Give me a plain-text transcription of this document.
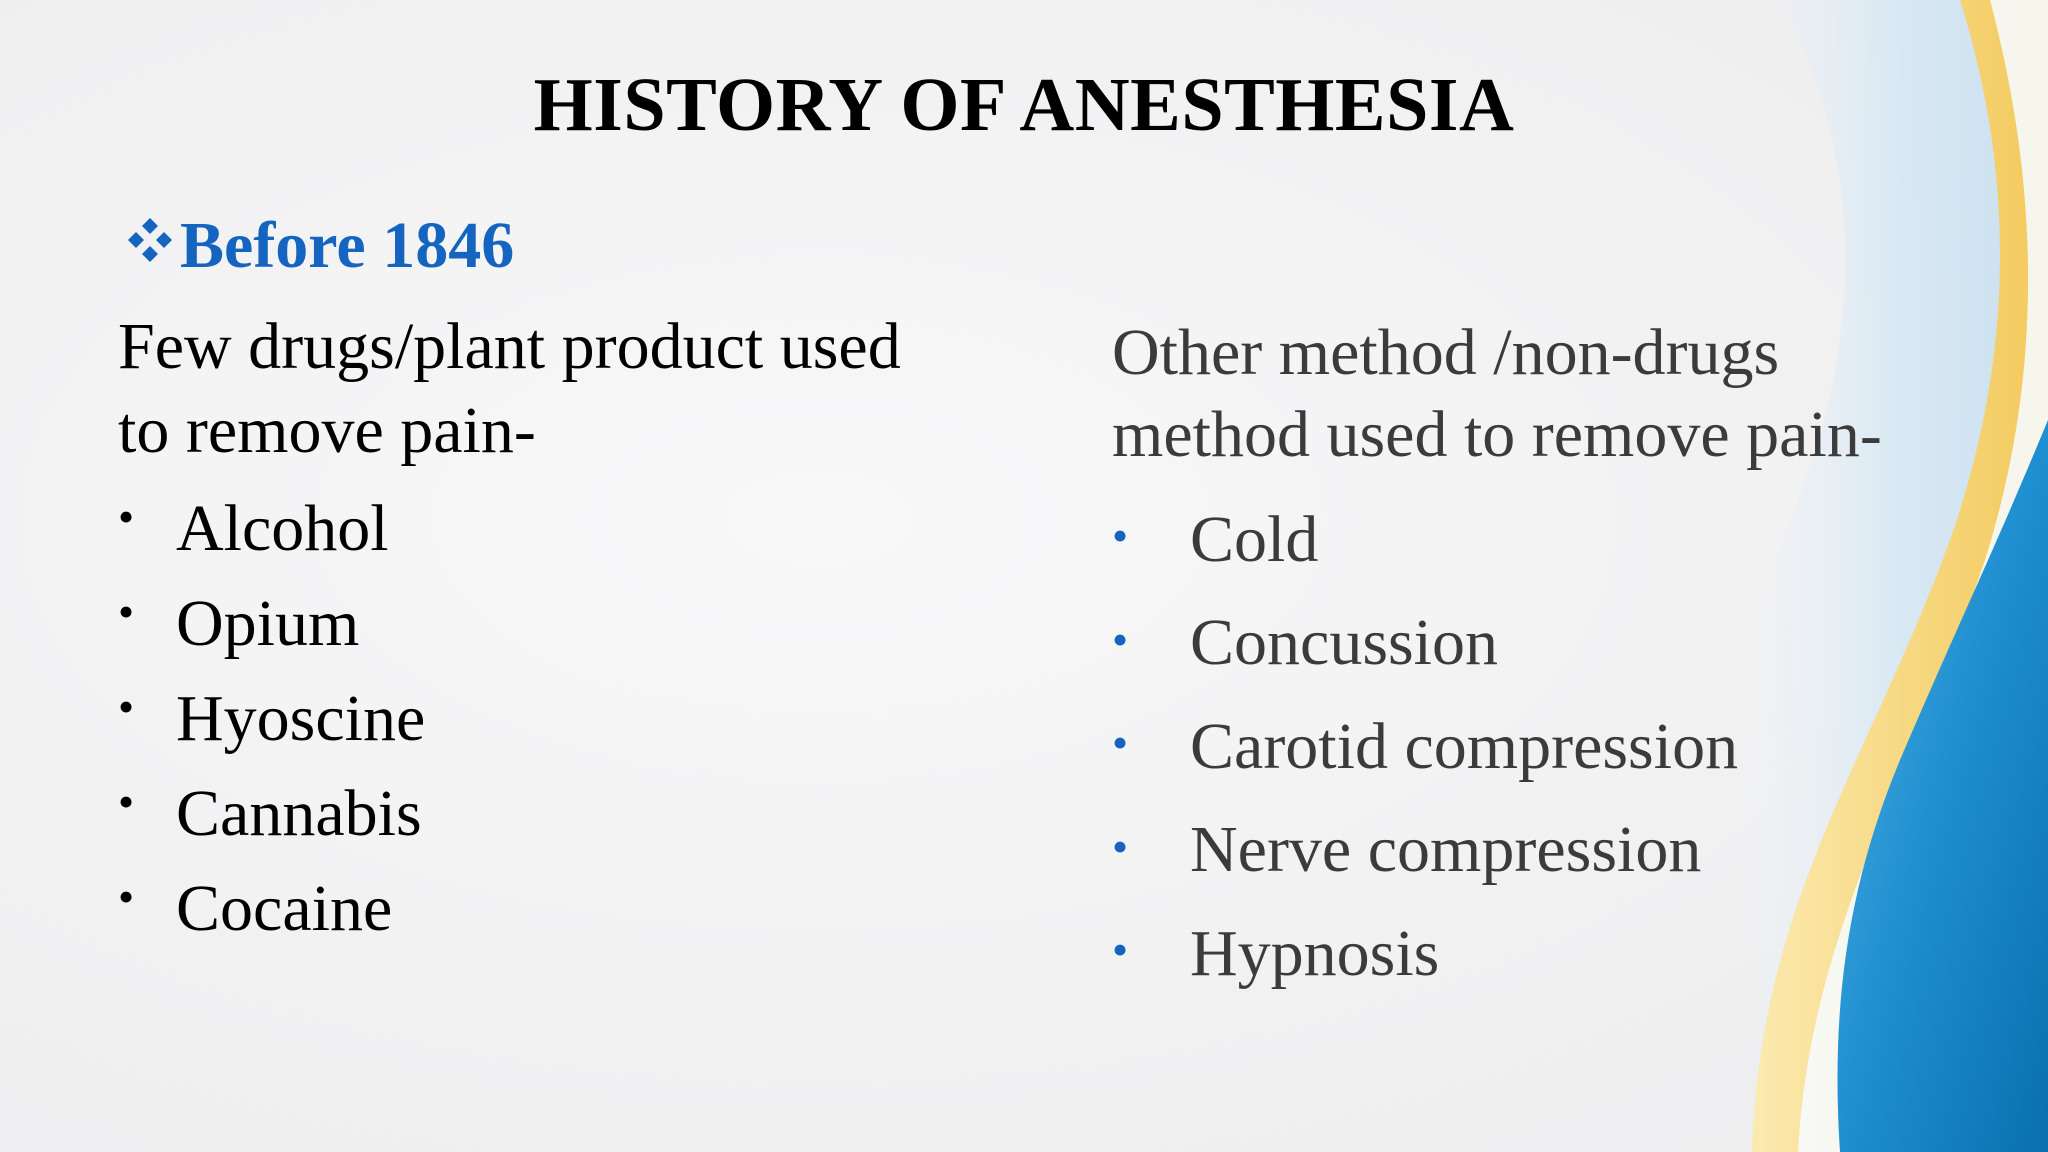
HISTORY OF ANESTHESIA
Before 1846
Few drugs/plant product used
to remove pain-
• Alcohol
• Opium
• Hyoscine
• Cannabis
• Cocaine
Other method /non-drugs
method used to remove pain-
• Cold
• Concussion
• Carotid compression
• Nerve compression
• Hypnosis
